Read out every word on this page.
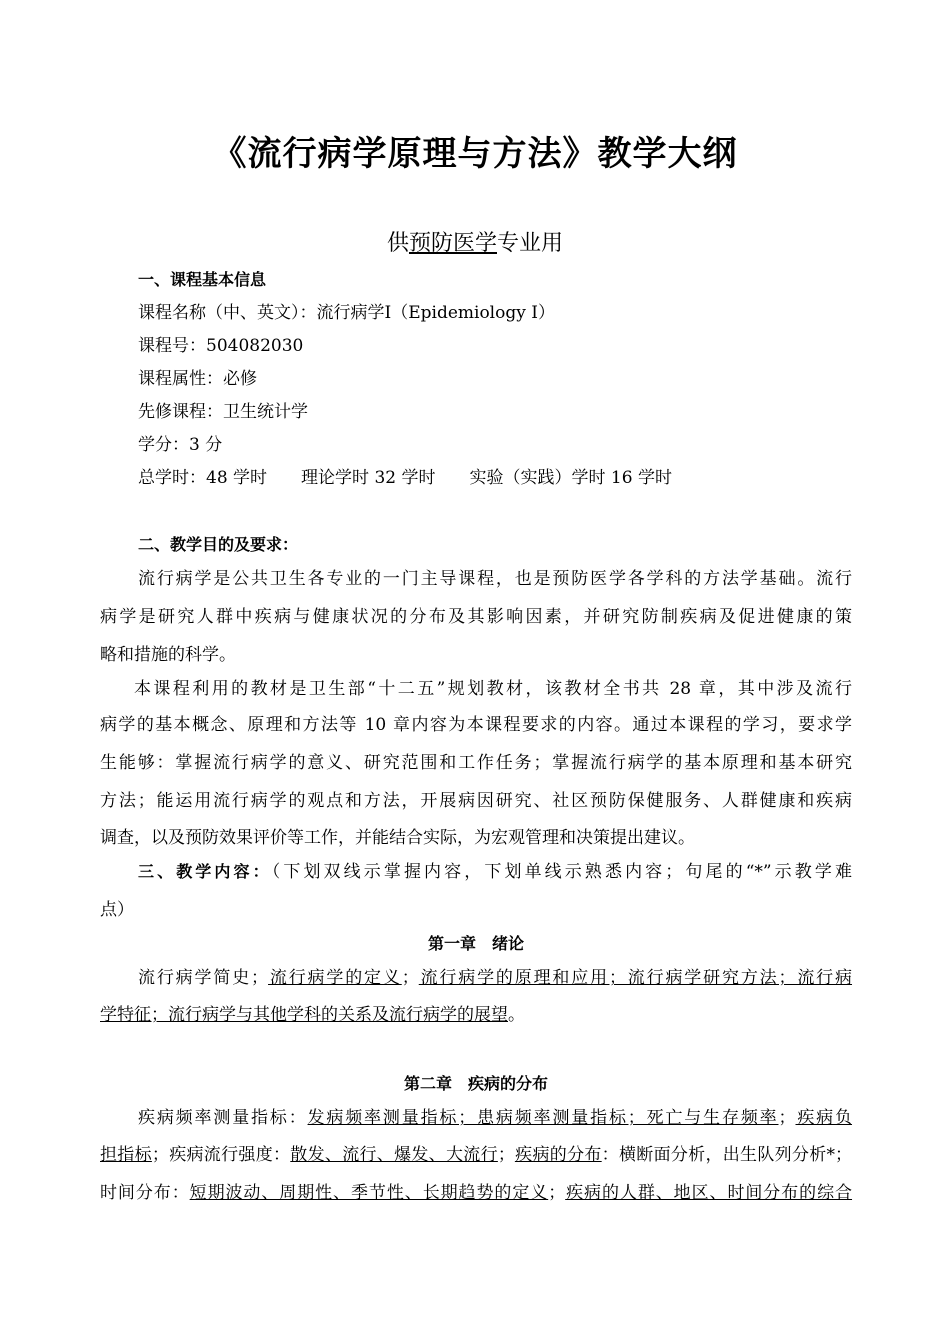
《流行病学原理与方法》教学大纲
供预防医学专业用
一、课程基本信息
课程名称（中、英文）：流行病学Ⅰ（Epidemiology Ⅰ）
课程号：504082030
课程属性：必修
先修课程：卫生统计学
学分：3 分
总学时：48 学时 理论学时 32 学时 实验（实践）学时 16 学时
二、教学目的及要求：
流行病学是公共卫生各专业的一门主导课程，也是预防医学各学科的方法学基础。流行
病学是研究人群中疾病与健康状况的分布及其影响因素，并研究防制疾病及促进健康的策
略和措施的科学。
本课程利用的教材是卫生部“十二五”规划教材，该教材全书共 28 章，其中涉及流行
病学的基本概念、原理和方法等 10 章内容为本课程要求的内容。通过本课程的学习，要求学
生能够：掌握流行病学的意义、研究范围和工作任务；掌握流行病学的基本原理和基本研究
方法；能运用流行病学的观点和方法，开展病因研究、社区预防保健服务、人群健康和疾病
调查，以及预防效果评价等工作，并能结合实际，为宏观管理和决策提出建议。
三、教学内容：（下划双线示掌握内容，下划单线示熟悉内容；句尾的“*”示教学难
点）
第一章　绪论
流行病学简史；流行病学的定义；流行病学的原理和应用；流行病学研究方法；流行病
学特征；流行病学与其他学科的关系及流行病学的展望。
第二章　疾病的分布
疾病频率测量指标：发病频率测量指标；患病频率测量指标；死亡与生存频率；疾病负
担指标；疾病流行强度：散发、流行、爆发、大流行；疾病的分布：横断面分析，出生队列分析*；
时间分布：短期波动、周期性、季节性、长期趋势的定义；疾病的人群、地区、时间分布的综合
